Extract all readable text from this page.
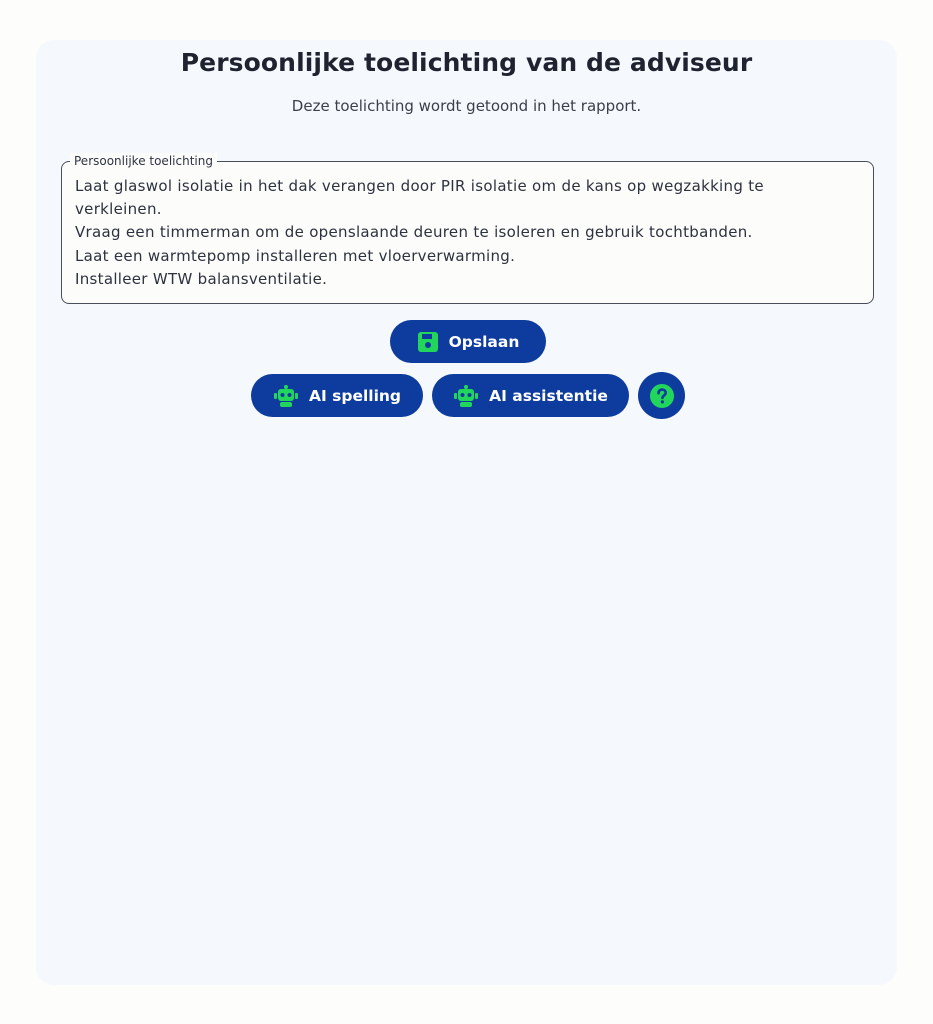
Persoonlijke toelichting van de adviseur
Deze toelichting wordt getoond in het rapport.
Persoonlijke toelichting
Laat glaswol isolatie in het dak verangen door PIR isolatie om de kans op wegzakking te
verkleinen.
Vraag een timmerman om de openslaande deuren te isoleren en gebruik tochtbanden.
Laat een warmtepomp installeren met vloerverwarming.
Installeer WTW balansventilatie.
Opslaan
AI spelling	AI assistentie
